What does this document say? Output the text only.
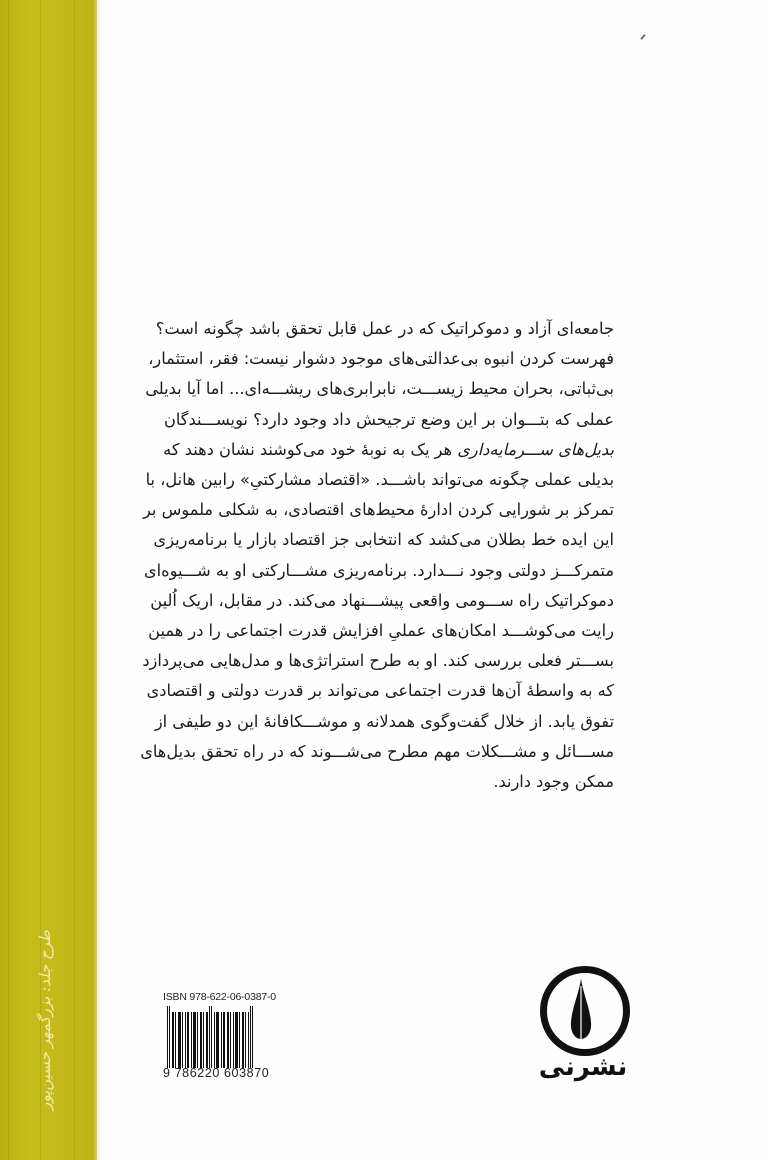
طرح جلد: بزرگمهر حسین‌پور
جامعه‌ای آزاد و دموکراتیک که در عمل قابل تحقق باشد چگونه است؟
فهرست کردن انبوه بی‌عدالتی‌های موجود دشوار نیست: فقر، استثمار،
بی‌ثباتی، بحران محیط زیســـت، نابرابری‌های ریشـــه‌ای... اما آیا بدیلی
عملی که بتـــوان بر این وضع ترجیحش داد وجود دارد؟ نویســـندگان
بدیل‌های ســـرمایه‌داری هر یک به نوبهٔ خود می‌کوشند نشان دهند که
بدیلی عملی چگونه می‌تواند باشـــد. «اقتصاد مشارکتیِ» رابین هانل، با
تمرکز بر شورایی کردن ادارهٔ محیط‌های اقتصادی، به شکلی ملموس بر
این ایده خط بطلان می‌کشد که انتخابی جز اقتصاد بازار یا برنامه‌ریزی
متمرکـــز دولتی وجود نـــدارد. برنامه‌ریزی مشـــارکتی او به شـــیوه‌ای
دموکراتیک راه ســـومی واقعی پیشـــنهاد می‌کند. در مقابل، اریک اُلین
رایت می‌کوشـــد امکان‌های عملیِ افزایش قدرت اجتماعی را در همین
بســـتر فعلی بررسی کند. او به طرح استراتژی‌ها و مدل‌هایی می‌پردازد
که به واسطهٔ آن‌ها قدرت اجتماعی می‌تواند بر قدرت دولتی و اقتصادی
تفوق یابد. از خلال گفت‌وگوی همدلانه و موشـــکافانهٔ این دو طیفی از
مســـائل و مشـــکلات مهم مطرح می‌شـــوند که در راه تحقق بدیل‌های
ممکن وجود دارند.
ISBN 978-622-06-0387-0
9 786220 603870	نشرنی
